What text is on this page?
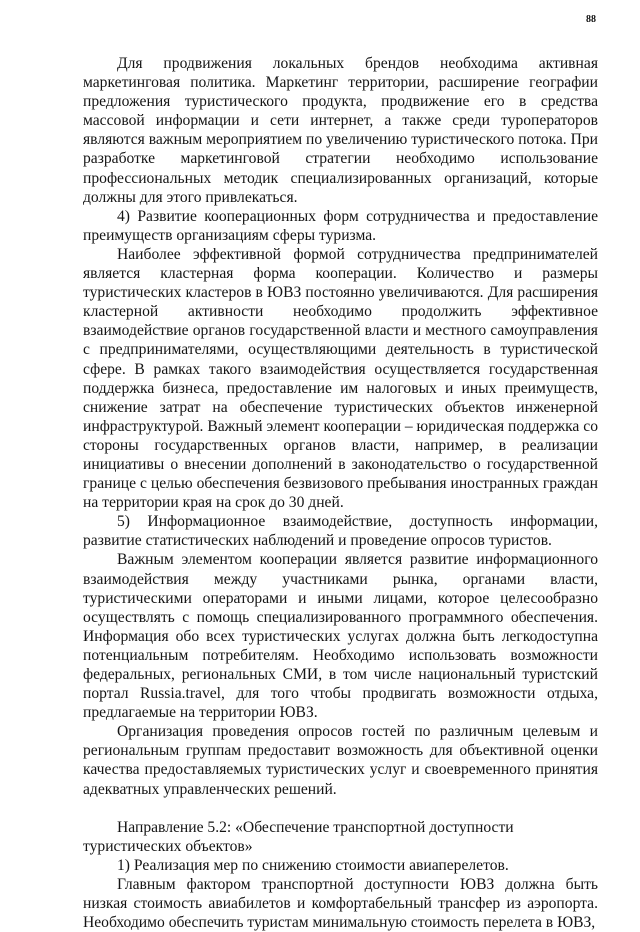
88

Для продвижения локальных брендов необходима активная маркетинговая политика. Маркетинг территории, расширение географии предложения туристического продукта, продвижение его в средства массовой информации и сети интернет, а также среди туроператоров являются важным мероприятием по увеличению туристического потока. При разработке маркетинговой стратегии необходимо использование профессиональных методик специализированных организаций, которые должны для этого привлекаться.

4) Развитие кооперационных форм сотрудничества и предоставление преимуществ организациям сферы туризма.

Наиболее эффективной формой сотрудничества предпринимателей является кластерная форма кооперации. Количество и размеры туристических кластеров в ЮВЗ постоянно увеличиваются. Для расширения кластерной активности необходимо продолжить эффективное взаимодействие органов государственной власти и местного самоуправления с предпринимателями, осуществляющими деятельность в туристической сфере. В рамках такого взаимодействия осуществляется государственная поддержка бизнеса, предоставление им налоговых и иных преимуществ, снижение затрат на обеспечение туристических объектов инженерной инфраструктурой. Важный элемент кооперации – юридическая поддержка со стороны государственных органов власти, например, в реализации инициативы о внесении дополнений в законодательство о государственной границе с целью обеспечения безвизового пребывания иностранных граждан на территории края на срок до 30 дней.

5) Информационное взаимодействие, доступность информации, развитие статистических наблюдений и проведение опросов туристов.

Важным элементом кооперации является развитие информационного взаимодействия между участниками рынка, органами власти, туристическими операторами и иными лицами, которое целесообразно осуществлять с помощь специализированного программного обеспечения. Информация обо всех туристических услугах должна быть легкодоступна потенциальным потребителям. Необходимо использовать возможности федеральных, региональных СМИ, в том числе национальный туристский портал Russia.travel, для того чтобы продвигать возможности отдыха, предлагаемые на территории ЮВЗ.

Организация проведения опросов гостей по различным целевым и региональным группам предоставит возможность для объективной оценки качества предоставляемых туристических услуг и своевременного принятия адекватных управленческих решений.

Направление 5.2: «Обеспечение транспортной доступности туристических объектов»

1) Реализация мер по снижению стоимости авиаперелетов.

Главным фактором транспортной доступности ЮВЗ должна быть низкая стоимость авиабилетов и комфортабельный трансфер из аэропорта. Необходимо обеспечить туристам минимальную стоимость перелета в ЮВЗ,
